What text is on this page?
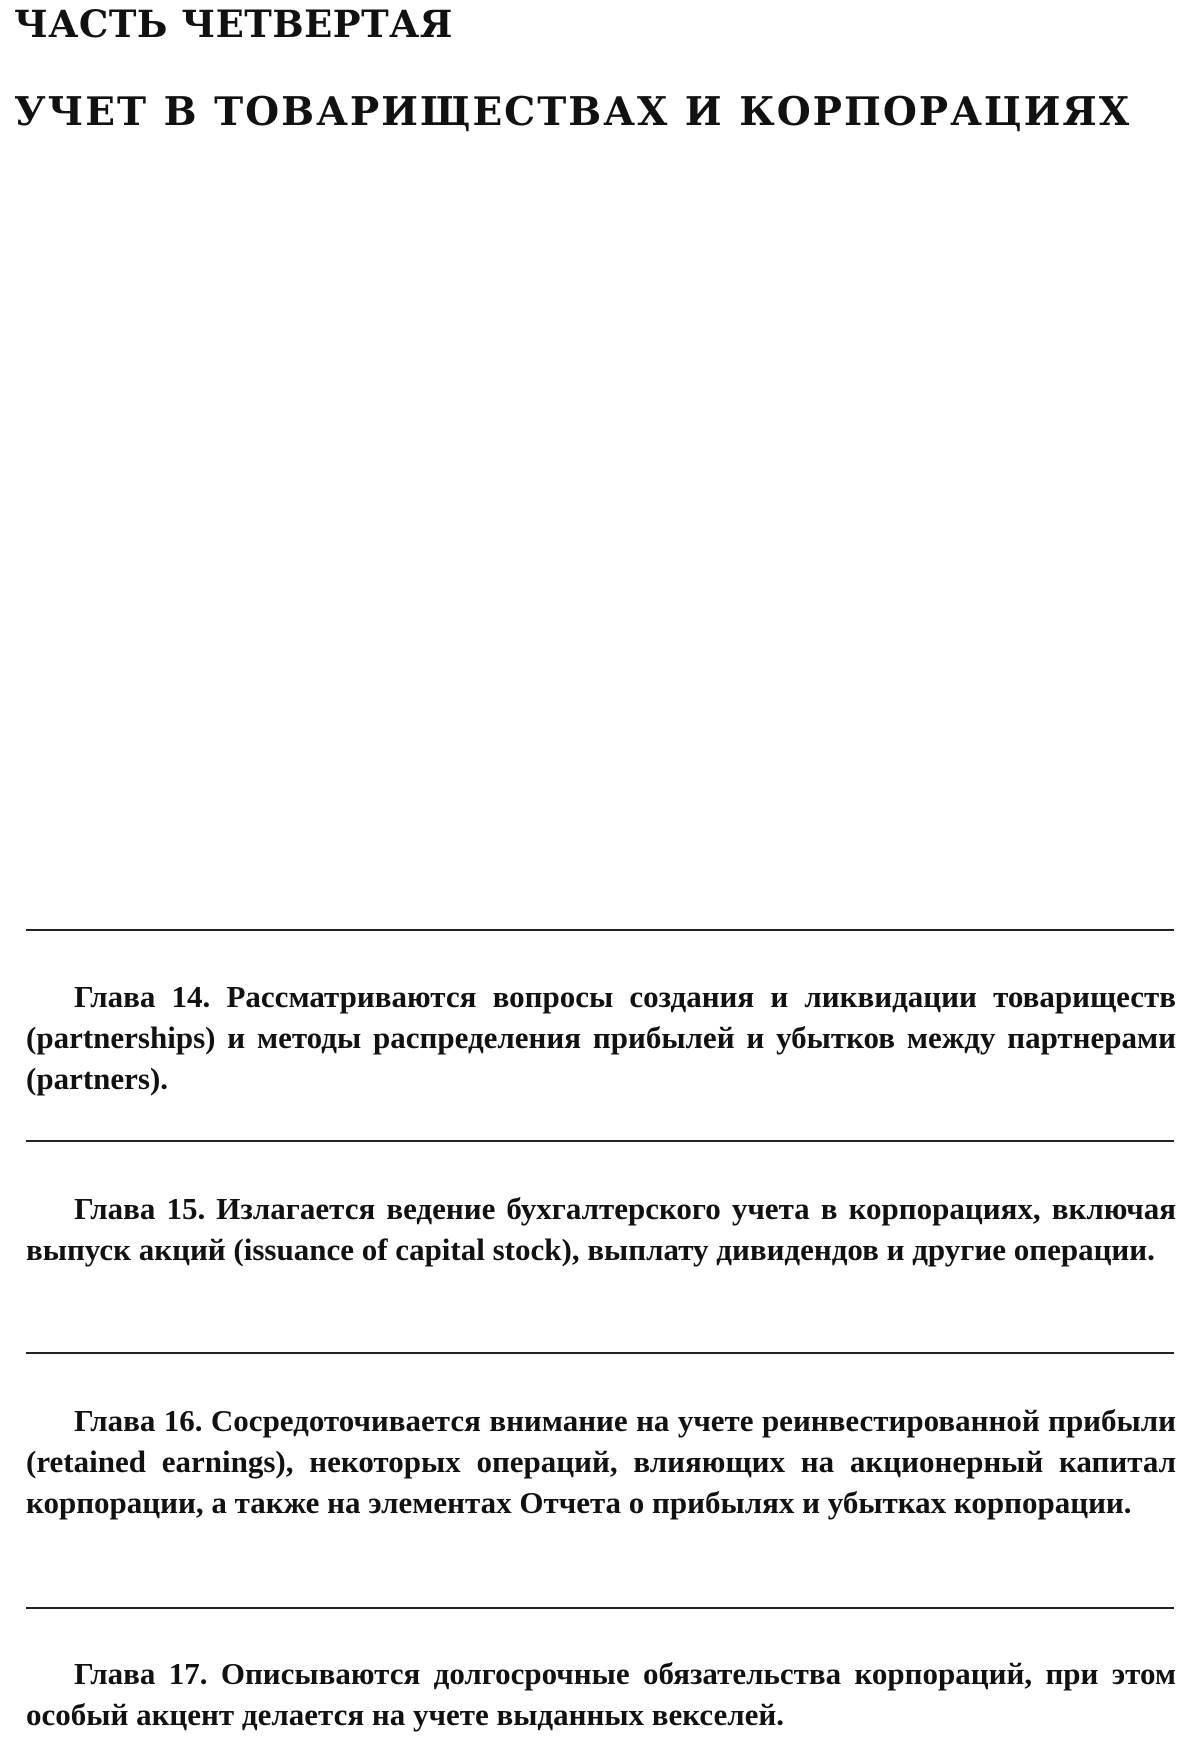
ЧАСТЬ ЧЕТВЕРТАЯ
УЧЕТ В ТОВАРИЩЕСТВАХ И КОРПОРАЦИЯХ

Глава 14. Рассматриваются вопросы создания и ликвидации товариществ (partnerships) и методы распределения прибылей и убытков между партнерами (partners).

Глава 15. Излагается ведение бухгалтерского учета в корпорациях, включая выпуск акций (issuance of capital stock), выплату дивидендов и другие операции.

Глава 16. Сосредоточивается внимание на учете реинвестированной прибыли (retained earnings), некоторых операций, влияющих на акционерный капитал корпорации, а также на элементах Отчета о прибылях и убытках корпорации.

Глава 17. Описываются долгосрочные обязательства корпораций, при этом особый акцент делается на учете выданных векселей.
